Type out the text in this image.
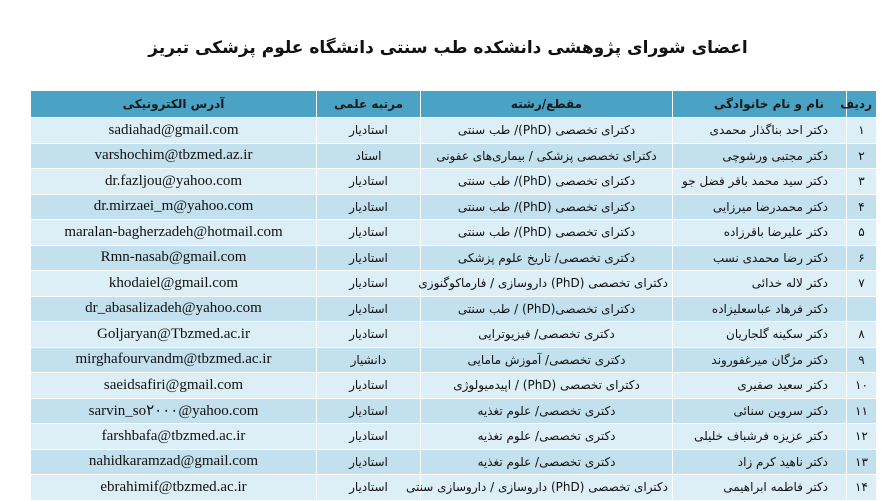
اعضای شورای پژوهشی دانشکده طب سنتی دانشگاه علوم پزشکی تبریز
ردیف	نام و نام خانوادگی	مقطع/رشته	مرتبه علمی	آدرس الکترونیکی
۱	دکتر احد بناگذار محمدی	دکترای تخصصی (PhD)/ طب سنتی	استادیار	sadiahad@gmail.com
۲	دکتر مجتبی ورشوچی	دکترای تخصصی پزشکی / بیماری‌های عفونی	استاد	varshochim@tbzmed.az.ir
۳	دکتر سید محمد باقر فضل جو	دکترای تخصصی (PhD)/ طب سنتی	استادیار	dr.fazljou@yahoo.com
۴	دکتر محمدرضا میرزایی	دکترای تخصصی (PhD)/ طب سنتی	استادیار	dr.mirzaei_m@yahoo.com
۵	دکتر علیرضا باقرزاده	دکترای تخصصی (PhD)/ طب سنتی	استادیار	maralan-bagherzadeh@hotmail.com
۶	دکتر رضا محمدی نسب	دکتری تخصصی/ تاریخ علوم پزشکی	استادیار	Rmn-nasab@gmail.com
۷	دکتر لاله خدائی	دکترای تخصصی (PhD) داروسازی / فارماکوگنوزی	استادیار	khodaiel@gmail.com
	دکتر فرهاد عباسعلیزاده	دکترای تخصصی(PhD) / طب سنتی	استادیار	dr_abasalizadeh@yahoo.com
۸	دکتر سکینه گلجاریان	دکتری تخصصی/ فیزیوترایی	استادیار	Goljaryan@Tbzmed.ac.ir
۹	دکتر مژگان میرغفوروند	دکتری تخصصی/ آموزش مامایی	دانشیار	mirghafourvandm@tbzmed.ac.ir
۱۰	دکتر سعید صفیری	دکترای تخصصی (PhD) / اپیدمیولوژی	استادیار	saeidsafiri@gmail.com
۱۱	دکتر سروین سنائی	دکتری تخصصی/ علوم تغذیه	استادیار	sarvin_so۲۰۰۰@yahoo.com
۱۲	دکتر عزیزه فرشباف خلیلی	دکتری تخصصی/ علوم تغذیه	استادیار	farshbafa@tbzmed.ac.ir
۱۳	دکتر ناهید کرم زاد	دکتری تخصصی/ علوم تغذیه	استادیار	nahidkaramzad@gmail.com
۱۴	دکتر فاطمه ابراهیمی	دکترای تخصصی (PhD) داروسازی / داروسازی سنتی	استادیار	ebrahimif@tbzmed.ac.ir
